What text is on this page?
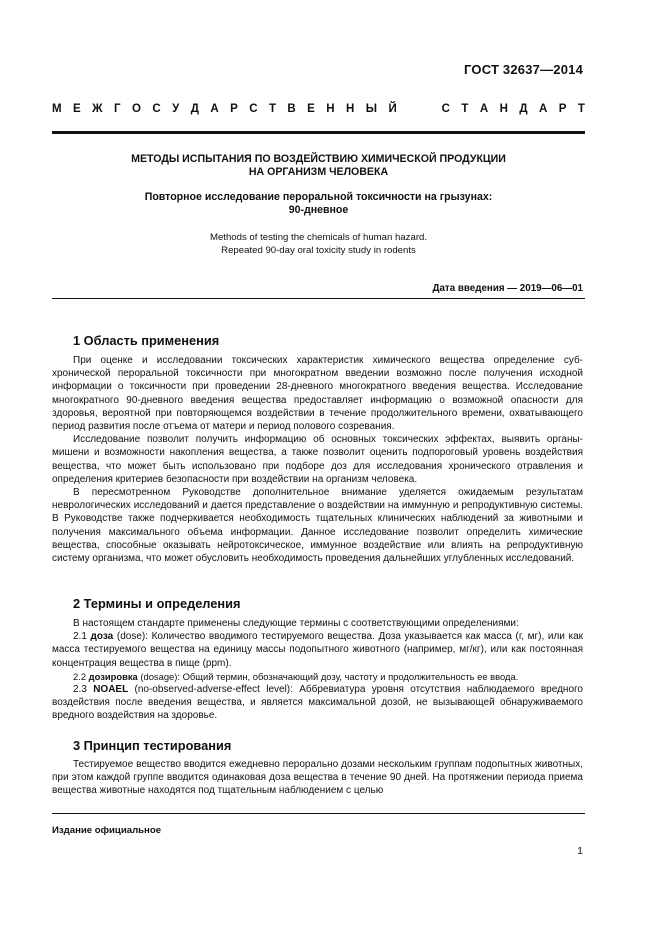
ГОСТ 32637—2014
М Е Ж Г О С У Д А Р С Т В Е Н Н Ы Й	С Т А Н Д А Р Т
МЕТОДЫ ИСПЫТАНИЯ ПО ВОЗДЕЙСТВИЮ ХИМИЧЕСКОЙ ПРОДУКЦИИ
НА ОРГАНИЗМ ЧЕЛОВЕКА
Повторное исследование пероральной токсичности на грызунах:
90-дневное
Methods of testing the chemicals of human hazard.
Repeated 90-day oral toxicity study in rodents
Дата введения — 2019—06—01
1 Область применения

При оценке и исследовании токсических характеристик химического вещества определение суб-хронической пероральной токсичности при многократном введении возможно после получения исходной информации о токсичности при проведении 28-дневного многократного введения вещества. Исследование многократного 90-дневного введения вещества предоставляет информацию о возможной опасности для здоровья, вероятной при повторяющемся воздействии в течение продолжительного времени, охватывающего период развития после отъема от матери и период полового созревания.

Исследование позволит получить информацию об основных токсических эффектах, выявить органы-мишени и возможности накопления вещества, а также позволит оценить подпороговый уровень воздействия вещества, что может быть использовано при подборе доз для исследования хронического отравления и определения критериев безопасности при воздействии на организм человека.

В пересмотренном Руководстве дополнительное внимание уделяется ожидаемым результатам неврологических исследований и дается представление о воздействии на иммунную и репродуктивную системы. В Руководстве также подчеркивается необходимость тщательных клинических наблюдений за животными и получения максимального объема информации. Данное исследование позволит определить химические вещества, способные оказывать нейротоксическое, иммунное воздействие или влиять на репродуктивную систему организма, что может обусловить необходимость проведения дальнейших углубленных исследований.

2 Термины и определения

В настоящем стандарте применены следующие термины с соответствующими определениями:

2.1 доза (dose): Количество вводимого тестируемого вещества. Доза указывается как масса (г, мг), или как масса тестируемого вещества на единицу массы подопытного животного (например, мг/кг), или как постоянная концентрация вещества в пище (ppm).

2.2 дозировка (dosage): Общий термин, обозначающий дозу, частоту и продолжительность ее ввода.

2.3 NOAEL (no-observed-adverse-effect level): Аббревиатура уровня отсутствия наблюдаемого вредного воздействия после введения вещества, и является максимальной дозой, не вызывающей обнаруживаемого вредного воздействия на здоровье.

3 Принцип тестирования

Тестируемое вещество вводится ежедневно перорально дозами нескольким группам подопытных животных, при этом каждой группе вводится одинаковая доза вещества в течение 90 дней. На протяжении периода приема вещества животные находятся под тщательным наблюдением с целью

Издание официальное
1
